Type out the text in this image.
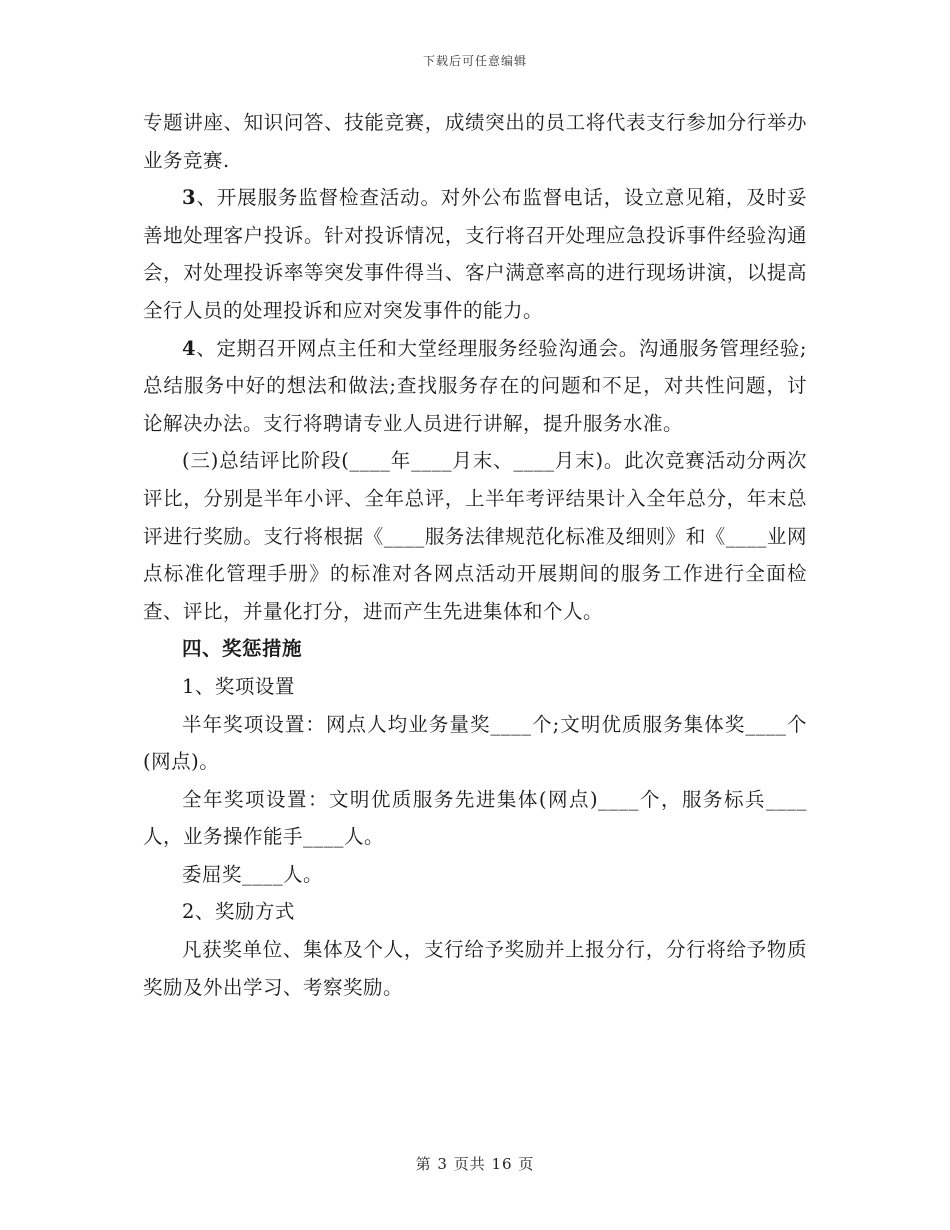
下载后可任意编辑

专题讲座、知识问答、技能竞赛，成绩突出的员工将代表支行参加分行举办业务竞赛.

3、开展服务监督检查活动。对外公布监督电话，设立意见箱，及时妥善地处理客户投诉。针对投诉情况，支行将召开处理应急投诉事件经验沟通会，对处理投诉率等突发事件得当、客户满意率高的进行现场讲演，以提高全行人员的处理投诉和应对突发事件的能力。

4、定期召开网点主任和大堂经理服务经验沟通会。沟通服务管理经验;总结服务中好的想法和做法;查找服务存在的问题和不足，对共性问题，讨论解决办法。支行将聘请专业人员进行讲解，提升服务水准。

(三)总结评比阶段(____年____月末、____月末)。此次竞赛活动分两次评比，分别是半年小评、全年总评，上半年考评结果计入全年总分，年末总评进行奖励。支行将根据《____服务法律规范化标准及细则》和《____业网点标准化管理手册》的标准对各网点活动开展期间的服务工作进行全面检查、评比，并量化打分，进而产生先进集体和个人。

四、奖惩措施

1、奖项设置

半年奖项设置：网点人均业务量奖____个;文明优质服务集体奖____个(网点)。

全年奖项设置：文明优质服务先进集体(网点)____个，服务标兵____人，业务操作能手____人。

委屈奖____人。

2、奖励方式

凡获奖单位、集体及个人，支行给予奖励并上报分行，分行将给予物质奖励及外出学习、考察奖励。

第 3 页共 16 页
